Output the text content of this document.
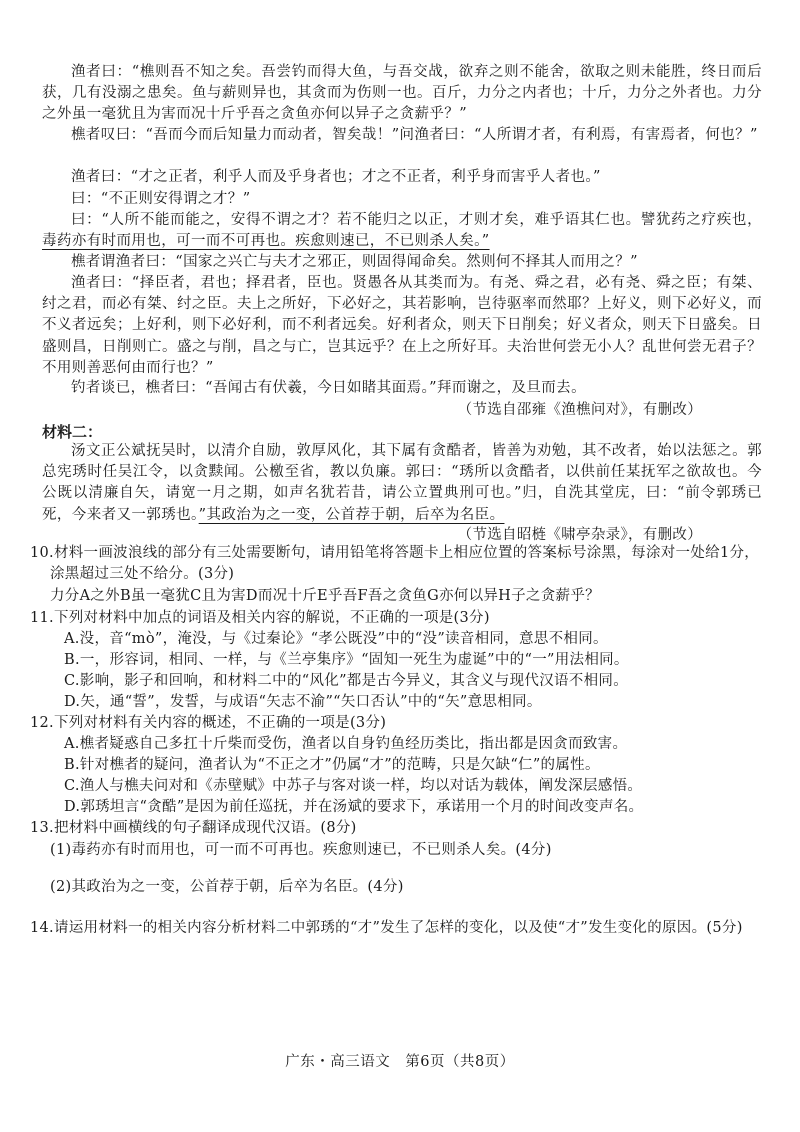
渔者曰：“樵则吾不知之矣。吾尝钓而得大鱼，与吾交战，欲弃之则不能舍，欲取之则未能胜，终日而后获，几有没溺之患矣。鱼与薪则异也，其贪而为伤则一也。百斤，力分之内者也；十斤，力分之外者也。力分之外虽一毫犹且为害而况十斤乎吾之贪鱼亦何以异子之贪薪乎？”

樵者叹曰：“吾而今而后知量力而动者，智矣哉！”问渔者曰：“人所谓才者，有利焉，有害焉者，何也？”

渔者曰：“才之正者，利乎人而及乎身者也；才之不正者，利乎身而害乎人者也。”

曰：“不正则安得谓之才？”

曰：“人所不能而能之，安得不谓之才？若不能归之以正，才则才矣，难乎语其仁也。譬犹药之疗疾也，毒药亦有时而用也，可一而不可再也。疾愈则速已，不已则杀人矣。”

樵者谓渔者曰：“国家之兴亡与夫才之邪正，则固得闻命矣。然则何不择其人而用之？”

渔者曰：“择臣者，君也；择君者，臣也。贤愚各从其类而为。有尧、舜之君，必有尧、舜之臣；有桀、纣之君，而必有桀、纣之臣。夫上之所好，下必好之，其若影响，岂待驱率而然耶？上好义，则下必好义，而不义者远矣；上好利，则下必好利，而不利者远矣。好利者众，则天下日削矣；好义者众，则天下日盛矣。日盛则昌，日削则亡。盛之与削，昌之与亡，岂其远乎？在上之所好耳。夫治世何尝无小人？乱世何尝无君子？不用则善恶何由而行也？”

钓者谈已，樵者曰：“吾闻古有伏羲，今日如睹其面焉。”拜而谢之，及旦而去。

（节选自邵雍《渔樵问对》，有删改）
材料二：

汤文正公斌抚吴时，以清介自励，敦厚风化，其下属有贪酷者，皆善为劝勉，其不改者，始以法惩之。郭总宪琇时任吴江令，以贪黩闻。公檄至省，教以负廉。郭曰：“琇所以贪酷者，以供前任某抚军之欲故也。今公既以清廉自矢，请宽一月之期，如声名犹若昔，请公立置典刑可也。”归，自洗其堂庑，曰：“前令郭琇已死，今来者又一郭琇也。”其政治为之一变，公首荐于朝，后卒为名臣。

（节选自昭梿《啸亭杂录》，有删改）
10.材料一画波浪线的部分有三处需要断句，请用铅笔将答题卡上相应位置的答案标号涂黑，每涂对一处给1分，涂黑超过三处不给分。(3分)

力分A之外B虽一毫犹C且为害D而况十斤E乎吾F吾之贪鱼G亦何以异H子之贪薪乎？

11.下列对材料中加点的词语及相关内容的解说，不正确的一项是(3分)

A.没，音“mò”，淹没，与《过秦论》“孝公既没”中的“没”读音相同，意思不相同。

B.一，形容词，相同、一样，与《兰亭集序》“固知一死生为虚诞”中的“一”用法相同。

C.影响，影子和回响，和材料二中的“风化”都是古今异义，其含义与现代汉语不相同。

D.矢，通“誓”，发誓，与成语“矢志不渝”“矢口否认”中的“矢”意思相同。

12.下列对材料有关内容的概述，不正确的一项是(3分)

A.樵者疑惑自己多扛十斤柴而受伤，渔者以自身钓鱼经历类比，指出都是因贪而致害。

B.针对樵者的疑问，渔者认为“不正之才”仍属“才”的范畴，只是欠缺“仁”的属性。

C.渔人与樵夫问对和《赤壁赋》中苏子与客对谈一样，均以对话为载体，阐发深层感悟。

D.郭琇坦言“贪酷”是因为前任巡抚，并在汤斌的要求下，承诺用一个月的时间改变声名。

13.把材料中画横线的句子翻译成现代汉语。(8分)

(1)毒药亦有时而用也，可一而不可再也。疾愈则速已，不已则杀人矣。(4分)

(2)其政治为之一变，公首荐于朝，后卒为名臣。(4分)

14.请运用材料一的相关内容分析材料二中郭琇的“才”发生了怎样的变化，以及使“才”发生变化的原因。(5分)
广东・高三语文　第6页（共8页）
